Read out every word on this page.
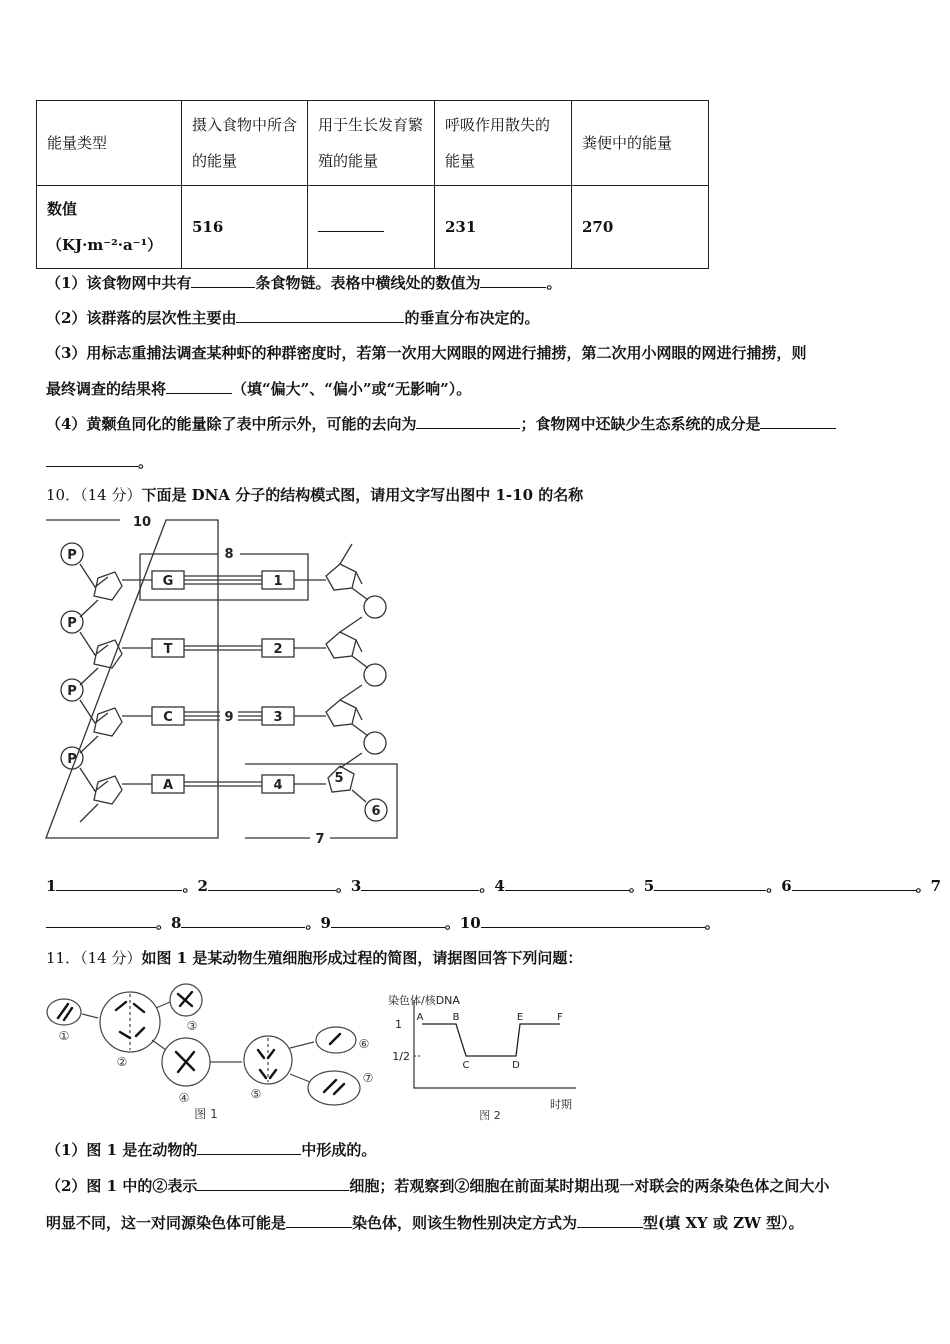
能量类型	摄入食物中所含的能量	用于生长发育繁殖的能量	呼吸作用散失的能量	粪便中的能量
数值（KJ·m⁻²·a⁻¹）	516		231	270
（1）该食物网中共有	条食物链。表格中横线处的数值为	。
（2）该群落的层次性主要由	的垂直分布决定的。
（3）用标志重捕法调查某种虾的种群密度时，若第一次用大网眼的网进行捕捞，第二次用小网眼的网进行捕捞，则
最终调查的结果将	（填“偏大”、“偏小”或“无影响”）。
（4）黄颡鱼同化的能量除了表中所示外，可能的去向为	；食物网中还缺少生态系统的成分是
。
10．（14 分）下面是 DNA 分子的结构模式图，请用文字写出图中 1-10 的名称
P
P
P
P
G
T
C
A
1
2
3
4
10
8
9
5
6
7
1	。2	。3	。4	。5	。6	。7
。8	。9	。10	。
11．（14 分）如图 1 是某动物生殖细胞形成过程的简图，请据图回答下列问题：
①
②
③
④	⑤
⑥
⑦
图 1
染色体/核DNA
时期
1
1/2
A	B
C	D
E	F
图 2
（1）图 1 是在动物的	中形成的。
（2）图 1 中的②表示	细胞；若观察到②细胞在前面某时期出现一对联会的两条染色体之间大小
明显不同，这一对同源染色体可能是	染色体，则该生物性别决定方式为	型(填 XY 或 ZW 型）。
